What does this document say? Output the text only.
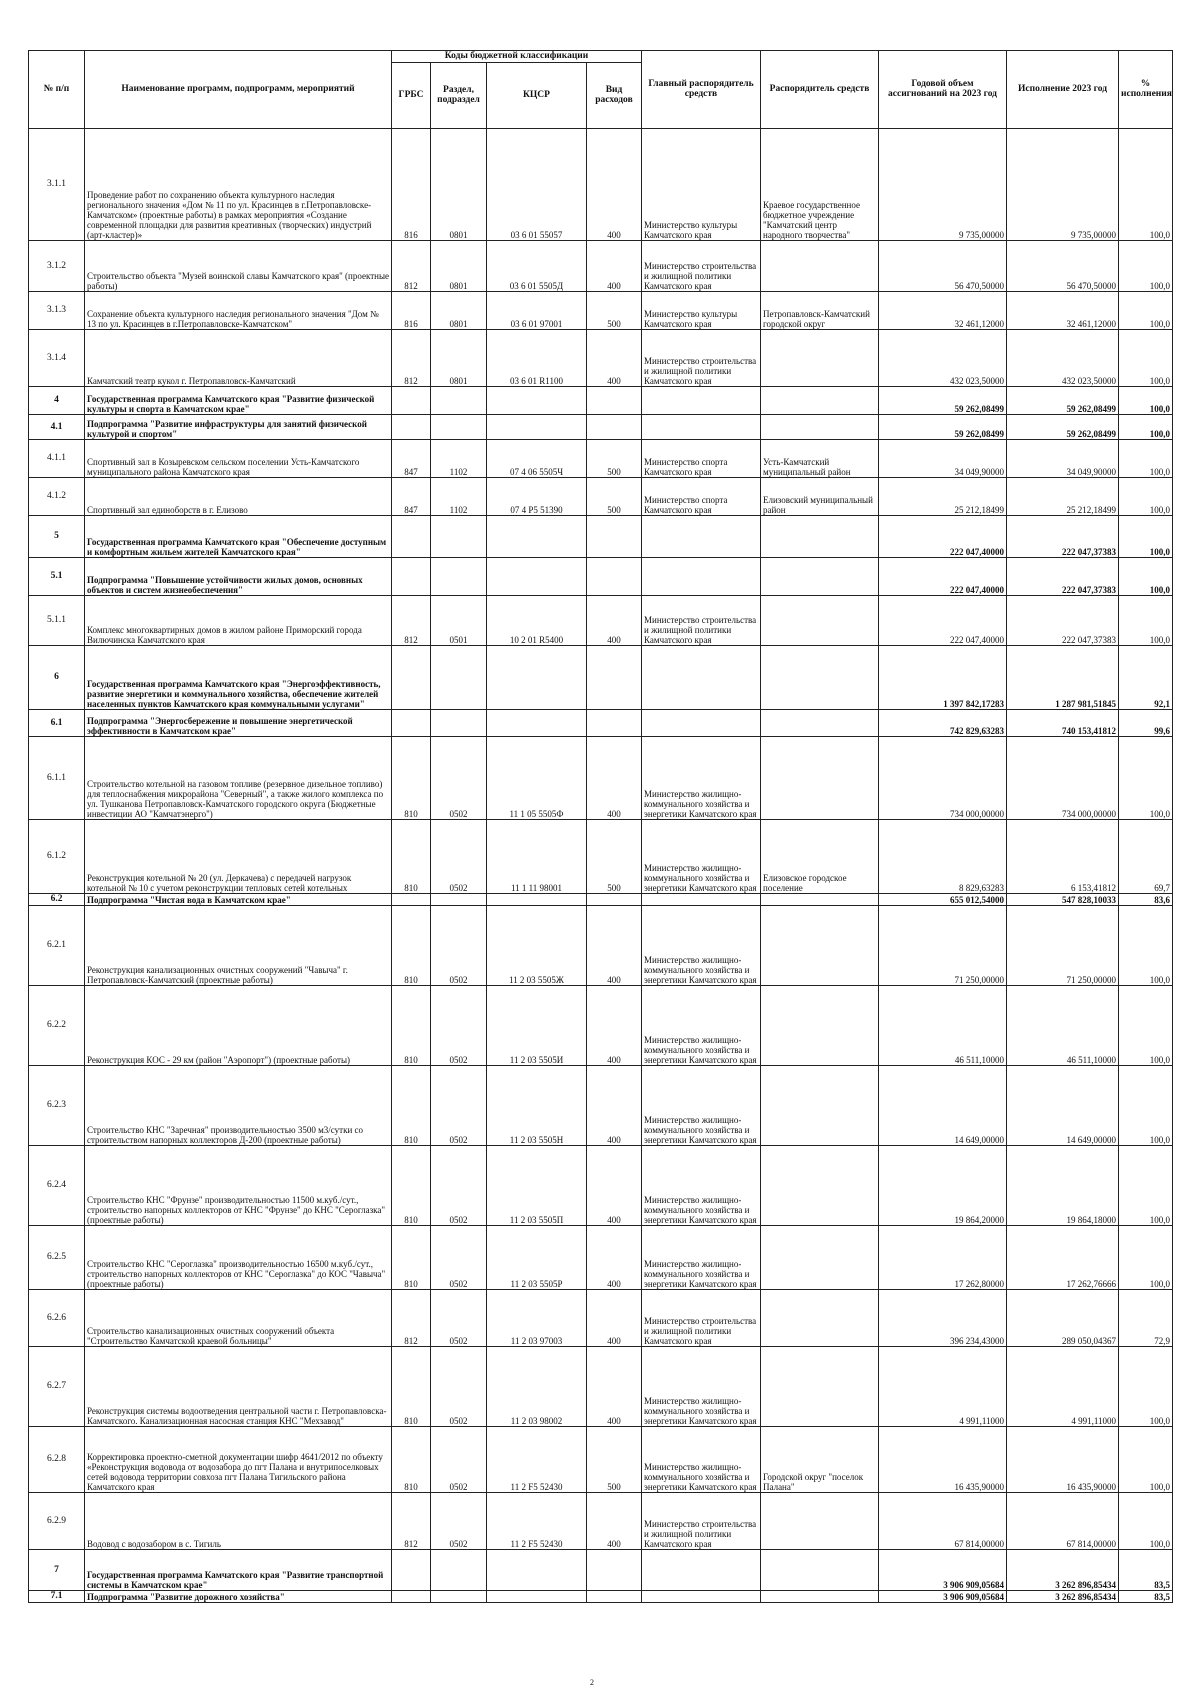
№ п/п	Наименование программ, подпрограмм, мероприятий	Коды бюджетной классификации				Главный распорядитель средств	Распорядитель средств	Годовой объем ассигнований на 2023 год	Исполнение 2023 год	% исполнения
		ГРБС	Раздел, подраздел	КЦСР	Вид расходов					
3.1.1	Проведение работ по сохранению объекта культурного наследия регионального значения «Дом № 11 по ул. Красинцев в г.Петропавловске-Камчатском» (проектные работы) в рамках мероприятия «Создание современной площадки для развития креативных (творческих) индустрий (арт-кластер)»	816	0801	03 6 01 55057	400	Министерство культуры Камчатского края	Краевое государственное бюджетное учреждение "Камчатский центр народного творчества"	9 735,00000	9 735,00000	100,0
3.1.2	Строительство объекта "Музей воинской славы Камчатского края" (проектные работы)	812	0801	03 6 01 5505Д	400	Министерство строительства и жилищной политики Камчатского края		56 470,50000	56 470,50000	100,0
3.1.3	Сохранение объекта культурного наследия регионального значения "Дом № 13 по ул. Красинцев в г.Петропавловске-Камчатском"	816	0801	03 6 01 97001	500	Министерство культуры Камчатского края	Петропавловск-Камчатский городской округ	32 461,12000	32 461,12000	100,0
3.1.4	Камчатский театр кукол г. Петропавловск-Камчатский	812	0801	03 6 01 R1100	400	Министерство строительства и жилищной политики Камчатского края		432 023,50000	432 023,50000	100,0
4	Государственная программа Камчатского края "Развитие физической культуры и спорта в Камчатском крае"							59 262,08499	59 262,08499	100,0
4.1	Подпрограмма "Развитие инфраструктуры для занятий физической культурой и спортом"							59 262,08499	59 262,08499	100,0
4.1.1	Спортивный зал в Козыревском сельском поселении Усть-Камчатского муниципального района Камчатского края	847	1102	07 4 06 5505Ч	500	Министерство спорта Камчатского края	Усть-Камчатский муниципальный район	34 049,90000	34 049,90000	100,0
4.1.2	Спортивный зал единоборств в г. Елизово	847	1102	07 4 P5 51390	500	Министерство спорта Камчатского края	Елизовский муниципальный район	25 212,18499	25 212,18499	100,0
5	Государственная программа Камчатского края "Обеспечение доступным и комфортным жильем жителей Камчатского края"							222 047,40000	222 047,37383	100,0
5.1	Подпрограмма "Повышение устойчивости жилых домов, основных объектов и систем жизнеобеспечения"							222 047,40000	222 047,37383	100,0
5.1.1	Комплекс многоквартирных домов в жилом районе Приморский города Вилючинска Камчатского края	812	0501	10 2 01 R5400	400	Министерство строительства и жилищной политики Камчатского края		222 047,40000	222 047,37383	100,0
6	Государственная программа Камчатского края "Энергоэффективность, развитие энергетики и коммунального хозяйства, обеспечение жителей населенных пунктов Камчатского края коммунальными услугами"							1 397 842,17283	1 287 981,51845	92,1
6.1	Подпрограмма "Энергосбережение и повышение энергетической эффективности в Камчатском крае"							742 829,63283	740 153,41812	99,6
6.1.1	Строительство котельной на газовом топливе (резервное дизельное топливо) для теплоснабжения микрорайона "Северный", а также жилого комплекса по ул. Тушканова Петропавловск-Камчатского городского округа (Бюджетные инвестиции АО "Камчатэнерго")	810	0502	11 1 05 5505Ф	400	Министерство жилищно-коммунального хозяйства и энергетики Камчатского края		734 000,00000	734 000,00000	100,0
6.1.2	Реконструкция котельной № 20 (ул. Деркачева) с передачей нагрузок котельной № 10 с учетом реконструкции тепловых сетей котельных	810	0502	11 1 11 98001	500	Министерство жилищно-коммунального хозяйства и энергетики Камчатского края	Елизовское городское поселение	8 829,63283	6 153,41812	69,7
6.2	Подпрограмма "Чистая вода в Камчатском крае"							655 012,54000	547 828,10033	83,6
6.2.1	Реконструкция канализационных очистных сооружений "Чавыча" г. Петропавловск-Камчатский (проектные работы)	810	0502	11 2 03 5505Ж	400	Министерство жилищно-коммунального хозяйства и энергетики Камчатского края		71 250,00000	71 250,00000	100,0
6.2.2	Реконструкция КОС - 29 км (район "Аэропорт") (проектные работы)	810	0502	11 2 03 5505И	400	Министерство жилищно-коммунального хозяйства и энергетики Камчатского края		46 511,10000	46 511,10000	100,0
6.2.3	Строительство КНС "Заречная" производительностью 3500 м3/сутки со строительством напорных коллекторов Д-200 (проектные работы)	810	0502	11 2 03 5505Н	400	Министерство жилищно-коммунального хозяйства и энергетики Камчатского края		14 649,00000	14 649,00000	100,0
6.2.4	Строительство КНС "Фрунзе" производительностью 11500 м.куб./сут., строительство напорных коллекторов от КНС "Фрунзе" до КНС "Сероглазка" (проектные работы)	810	0502	11 2 03 5505П	400	Министерство жилищно-коммунального хозяйства и энергетики Камчатского края		19 864,20000	19 864,18000	100,0
6.2.5	Строительство КНС "Сероглазка" производительностью 16500 м.куб./сут., строительство напорных коллекторов от КНС "Сероглазка" до КОС "Чавыча" (проектные работы)	810	0502	11 2 03 5505Р	400	Министерство жилищно-коммунального хозяйства и энергетики Камчатского края		17 262,80000	17 262,76666	100,0
6.2.6	Строительство канализационных очистных сооружений объекта "Строительство Камчатской краевой больницы"	812	0502	11 2 03 97003	400	Министерство строительства и жилищной политики Камчатского края		396 234,43000	289 050,04367	72,9
6.2.7	Реконструкция системы водоотведения центральной части г. Петропавловска-Камчатского. Канализационная насосная станция КНС "Мехзавод"	810	0502	11 2 03 98002	400	Министерство жилищно-коммунального хозяйства и энергетики Камчатского края		4 991,11000	4 991,11000	100,0
6.2.8	Корректировка проектно-сметной документации шифр 4641/2012 по объекту «Реконструкция водовода от водозабора до пгт Палана и внутрипоселковых сетей водовода территории совхоза пгт Палана Тигильского района Камчатского края	810	0502	11 2 F5 52430	500	Министерство жилищно-коммунального хозяйства и энергетики Камчатского края	Городской округ "поселок Палана"	16 435,90000	16 435,90000	100,0
6.2.9	Водовод с водозабором в с. Тигиль	812	0502	11 2 F5 52430	400	Министерство строительства и жилищной политики Камчатского края		67 814,00000	67 814,00000	100,0
7	Государственная программа Камчатского края "Развитие транспортной системы в Камчатском крае"							3 906 909,05684	3 262 896,85434	83,5
7.1	Подпрограмма "Развитие дорожного хозяйства"							3 906 909,05684	3 262 896,85434	83,5
2
